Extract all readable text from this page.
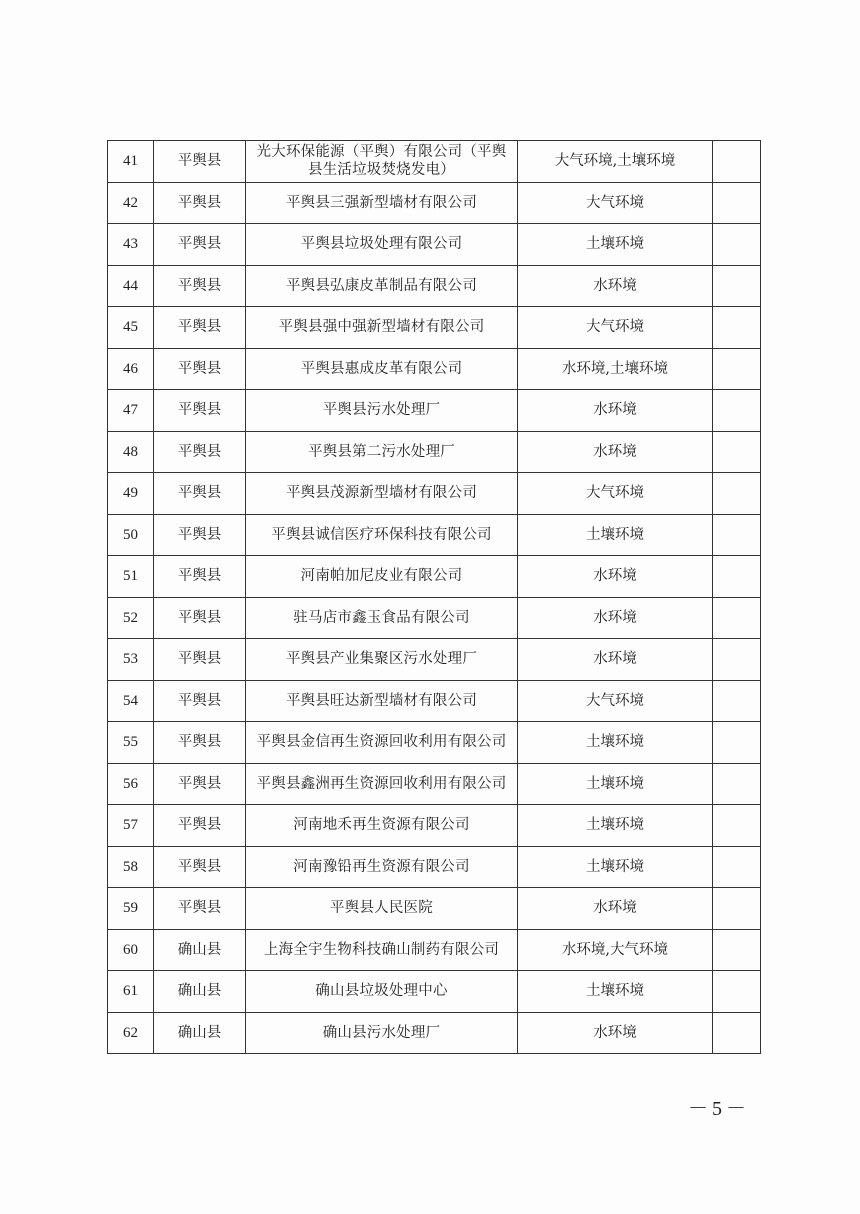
41	平舆县	光大环保能源（平舆）有限公司（平舆县生活垃圾焚烧发电）	大气环境,土壤环境	
42	平舆县	平舆县三强新型墙材有限公司	大气环境	
43	平舆县	平舆县垃圾处理有限公司	土壤环境	
44	平舆县	平舆县弘康皮革制品有限公司	水环境	
45	平舆县	平舆县强中强新型墙材有限公司	大气环境	
46	平舆县	平舆县惠成皮革有限公司	水环境,土壤环境	
47	平舆县	平舆县污水处理厂	水环境	
48	平舆县	平舆县第二污水处理厂	水环境	
49	平舆县	平舆县茂源新型墙材有限公司	大气环境	
50	平舆县	平舆县诚信医疗环保科技有限公司	土壤环境	
51	平舆县	河南帕加尼皮业有限公司	水环境	
52	平舆县	驻马店市鑫玉食品有限公司	水环境	
53	平舆县	平舆县产业集聚区污水处理厂	水环境	
54	平舆县	平舆县旺达新型墙材有限公司	大气环境	
55	平舆县	平舆县金信再生资源回收利用有限公司	土壤环境	
56	平舆县	平舆县鑫洲再生资源回收利用有限公司	土壤环境	
57	平舆县	河南地禾再生资源有限公司	土壤环境	
58	平舆县	河南豫铅再生资源有限公司	土壤环境	
59	平舆县	平舆县人民医院	水环境	
60	确山县	上海全宇生物科技确山制药有限公司	水环境,大气环境	
61	确山县	确山县垃圾处理中心	土壤环境	
62	确山县	确山县污水处理厂	水环境	
－5－
